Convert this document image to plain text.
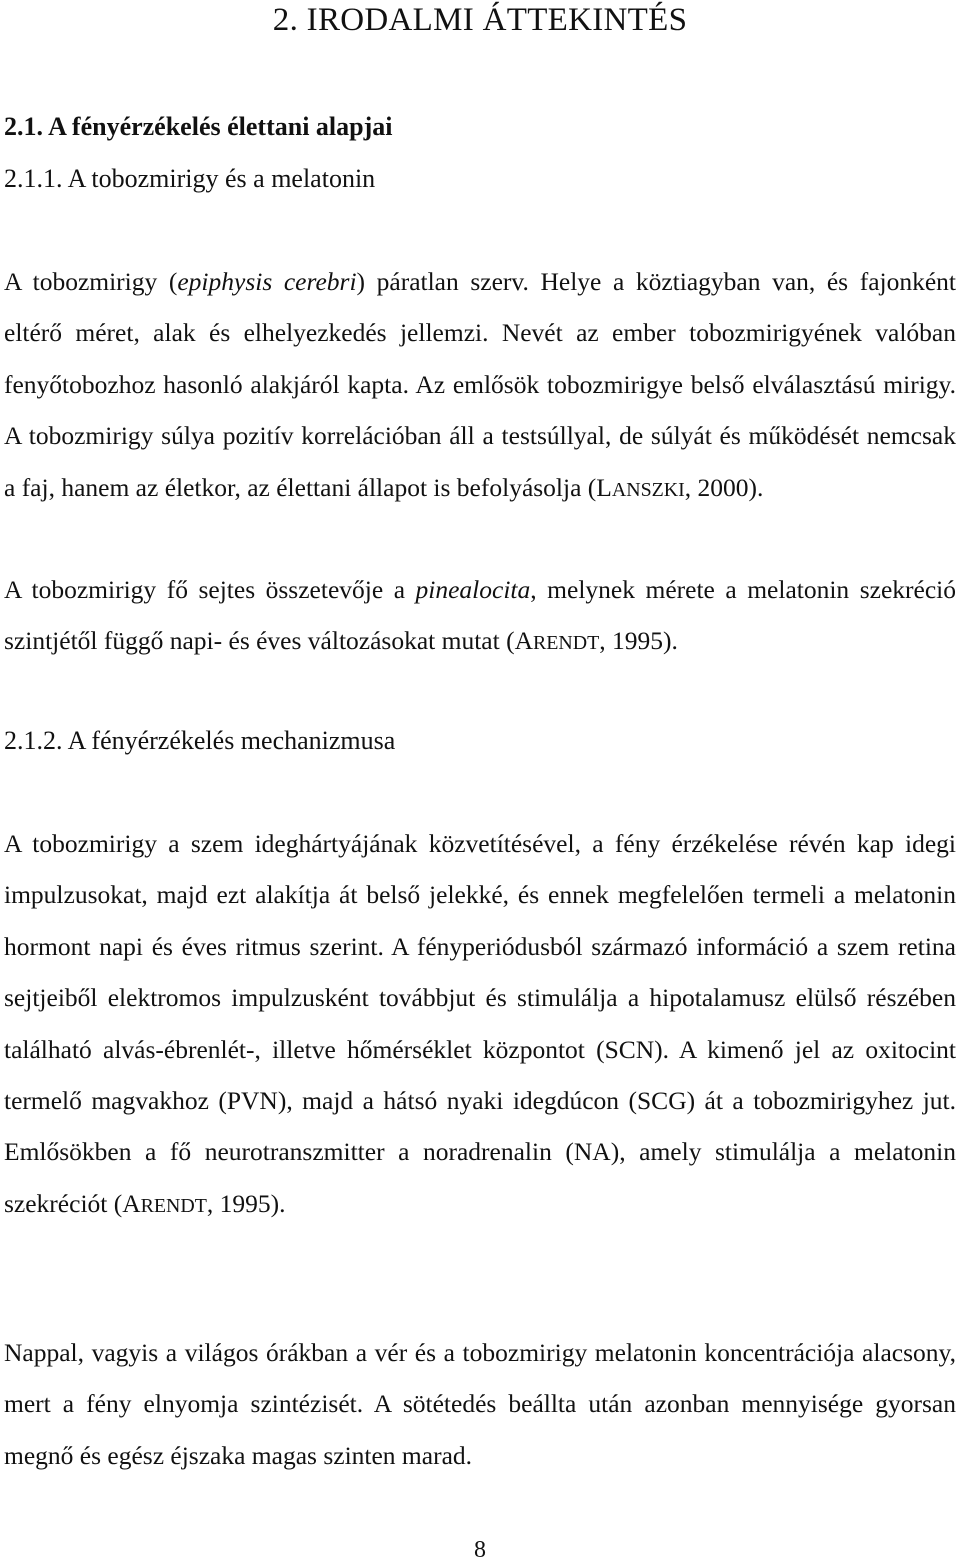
2. IRODALMI ÁTTEKINTÉS
2.1. A fényérzékelés élettani alapjai
2.1.1. A tobozmirigy és a melatonin

A tobozmirigy (epiphysis cerebri) páratlan szerv. Helye a köztiagyban van, és fajonként eltérő méret, alak és elhelyezkedés jellemzi. Nevét az ember tobozmirigyének valóban fenyőtobozhoz hasonló alakjáról kapta. Az emlősök tobozmirigye belső elválasztású mirigy. A tobozmirigy súlya pozitív korrelációban áll a testsúllyal, de súlyát és működését nemcsak a faj, hanem az életkor, az élettani állapot is befolyásolja (LANSZKI, 2000).

A tobozmirigy fő sejtes összetevője a pinealocita, melynek mérete a melatonin szekréció szintjétől függő napi- és éves változásokat mutat (ARENDT, 1995).

2.1.2. A fényérzékelés mechanizmusa

A tobozmirigy a szem ideghártyájának közvetítésével, a fény érzékelése révén kap idegi impulzusokat, majd ezt alakítja át belső jelekké, és ennek megfelelően termeli a melatonin hormont napi és éves ritmus szerint. A fényperiódusból származó információ a szem retina sejtjeiből elektromos impulzusként továbbjut és stimulálja a hipotalamusz elülső részében található alvás-ébrenlét-, illetve hőmérséklet központot (SCN). A kimenő jel az oxitocint termelő magvakhoz (PVN), majd a hátsó nyaki idegdúcon (SCG) át a tobozmirigyhez jut. Emlősökben a fő neurotranszmitter a noradrenalin (NA), amely stimulálja a melatonin szekréciót (ARENDT, 1995).

Nappal, vagyis a világos órákban a vér és a tobozmirigy melatonin koncentrációja alacsony, mert a fény elnyomja szintézisét. A sötétedés beállta után azonban mennyisége gyorsan megnő és egész éjszaka magas szinten marad.

8
